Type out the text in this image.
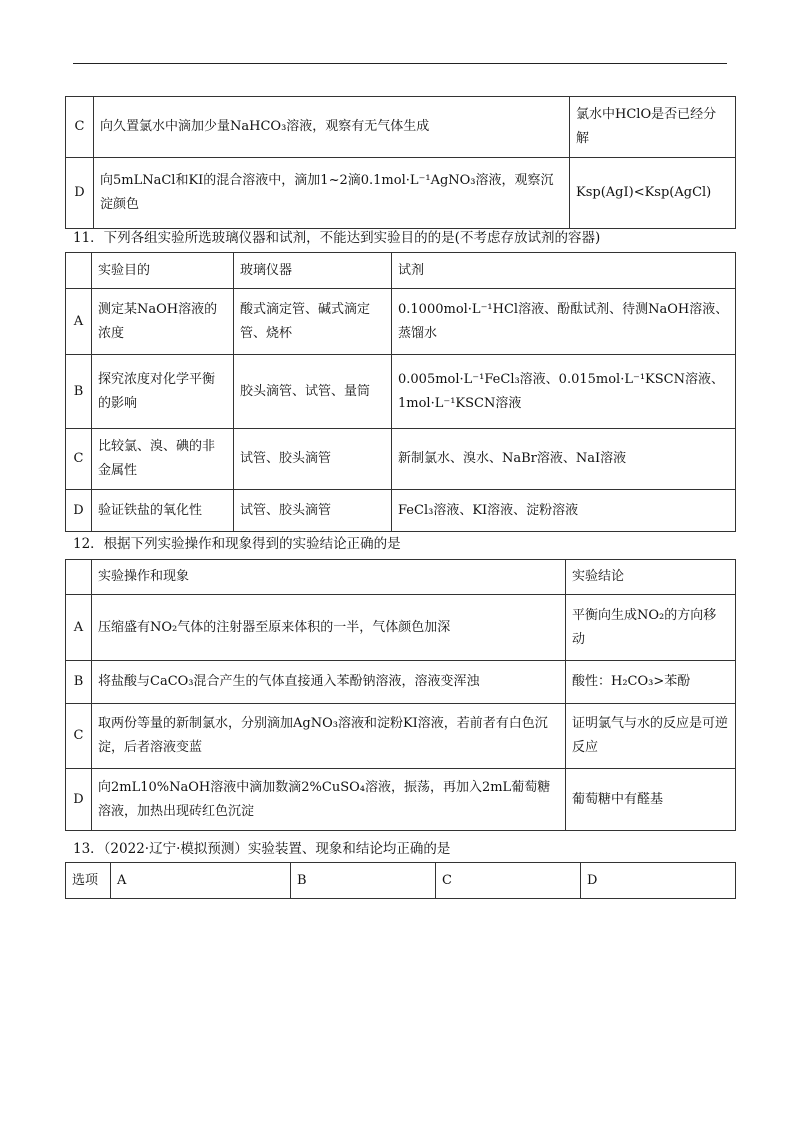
C	向久置氯水中滴加少量NaHCO₃溶液，观察有无气体生成	氯水中HClO是否已经分解
D	向5mLNaCl和KI的混合溶液中，滴加1~2滴0.1mol·L⁻¹AgNO₃溶液，观察沉淀颜色	Ksp(AgI)<Ksp(AgCl)
11．下列各组实验所选玻璃仪器和试剂，不能达到实验目的的是(不考虑存放试剂的容器)
	实验目的	玻璃仪器	试剂
A	测定某NaOH溶液的浓度	酸式滴定管、碱式滴定管、烧杯	0.1000mol·L⁻¹HCl溶液、酚酞试剂、待测NaOH溶液、蒸馏水
B	探究浓度对化学平衡的影响	胶头滴管、试管、量筒	0.005mol·L⁻¹FeCl₃溶液、0.015mol·L⁻¹KSCN溶液、1mol·L⁻¹KSCN溶液
C	比较氯、溴、碘的非金属性	试管、胶头滴管	新制氯水、溴水、NaBr溶液、NaI溶液
D	验证铁盐的氧化性	试管、胶头滴管	FeCl₃溶液、KI溶液、淀粉溶液
12．根据下列实验操作和现象得到的实验结论正确的是
	实验操作和现象	实验结论
A	压缩盛有NO₂气体的注射器至原来体积的一半，气体颜色加深	平衡向生成NO₂的方向移动
B	将盐酸与CaCO₃混合产生的气体直接通入苯酚钠溶液，溶液变浑浊	酸性：H₂CO₃>苯酚
C	取两份等量的新制氯水，分别滴加AgNO₃溶液和淀粉KI溶液，若前者有白色沉淀，后者溶液变蓝	证明氯气与水的反应是可逆反应
D	向2mL10%NaOH溶液中滴加数滴2%CuSO₄溶液，振荡，再加入2mL葡萄糖溶液，加热出现砖红色沉淀	葡萄糖中有醛基
13．（2022·辽宁·模拟预测）实验装置、现象和结论均正确的是
选项	A	B	C	D
